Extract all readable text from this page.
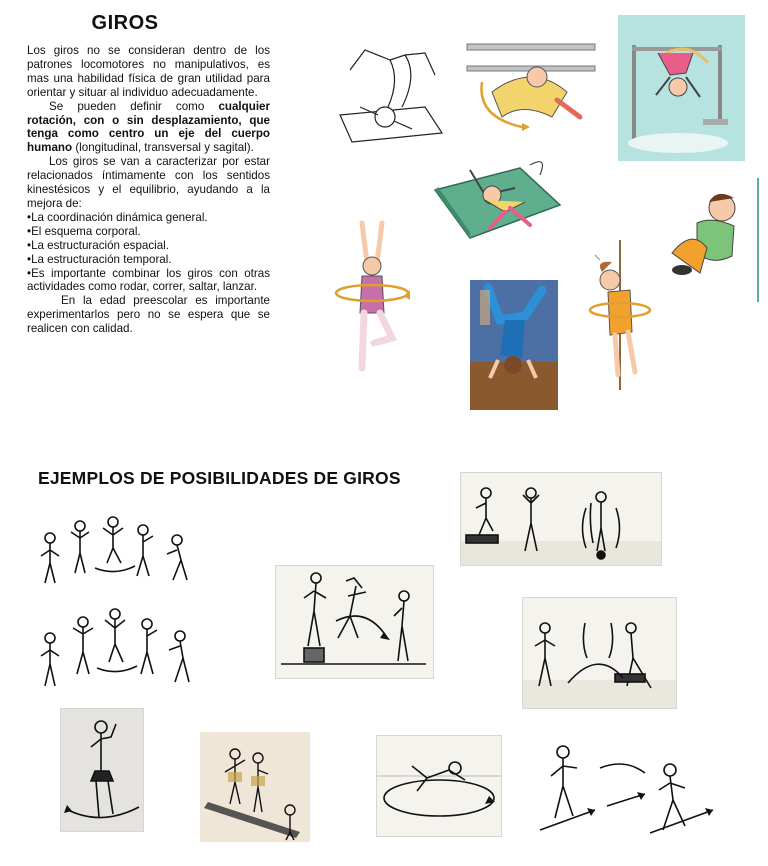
GIROS

Los giros no se consideran dentro de los patrones locomotores no manipulativos, es mas una habilidad física de gran utilidad para orientar y situar al individuo adecuadamente.

Se pueden definir como cualquier rotación, con o sin desplazamiento, que tenga como centro un eje del cuerpo humano (longitudinal, transversal y sagital).

Los giros se van a caracterizar por estar relacionados íntimamente con los sentidos kinestésicos y el equilibrio, ayudando a la mejora de:

• La coordinación dinámica general.
• El esquema corporal.
• La estructuración espacial.
• La estructuración temporal.
• Es importante combinar los giros con otras actividades como rodar, correr, saltar, lanzar.

En la edad preescolar es importante experimentarlos pero no se espera que se realicen con calidad.

EJEMPLOS DE POSIBILIDADES DE GIROS
